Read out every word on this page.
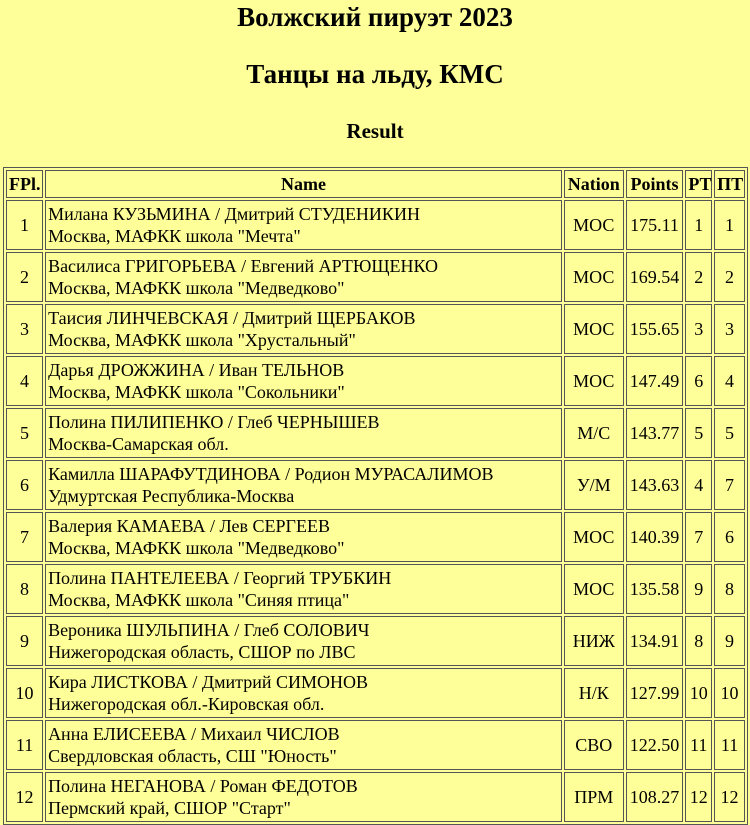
Волжский пируэт 2023
Танцы на льду, КМС
Result
FPl.	Name	Nation	Points	РТ	ПТ
1	Милана КУЗЬМИНА / Дмитрий СТУДЕНИКИН
Москва, МАФКК школа "Мечта"	МОС	175.11	1	1
2	Василиса ГРИГОРЬЕВА / Евгений АРТЮЩЕНКО
Москва, МАФКК школа "Медведково"	МОС	169.54	2	2
3	Таисия ЛИНЧЕВСКАЯ / Дмитрий ЩЕРБАКОВ
Москва, МАФКК школа "Хрустальный"	МОС	155.65	3	3
4	Дарья ДРОЖЖИНА / Иван ТЕЛЬНОВ
Москва, МАФКК школа "Сокольники"	МОС	147.49	6	4
5	Полина ПИЛИПЕНКО / Глеб ЧЕРНЫШЕВ
Москва-Самарская обл.	М/С	143.77	5	5
6	Камилла ШАРАФУТДИНОВА / Родион МУРАСАЛИМОВ
Удмуртская Республика-Москва	У/М	143.63	4	7
7	Валерия КАМАЕВА / Лев СЕРГЕЕВ
Москва, МАФКК школа "Медведково"	МОС	140.39	7	6
8	Полина ПАНТЕЛЕЕВА / Георгий ТРУБКИН
Москва, МАФКК школа "Синяя птица"	МОС	135.58	9	8
9	Вероника ШУЛЬПИНА / Глеб СОЛОВИЧ
Нижегородская область, СШОР по ЛВС	НИЖ	134.91	8	9
10	Кира ЛИСТКОВА / Дмитрий СИМОНОВ
Нижегородская обл.-Кировская обл.	Н/К	127.99	10	10
11	Анна ЕЛИСЕЕВА / Михаил ЧИСЛОВ
Свердловская область, СШ "Юность"	СВО	122.50	11	11
12	Полина НЕГАНОВА / Роман ФЕДОТОВ
Пермский край, СШОР "Старт"	ПРМ	108.27	12	12
